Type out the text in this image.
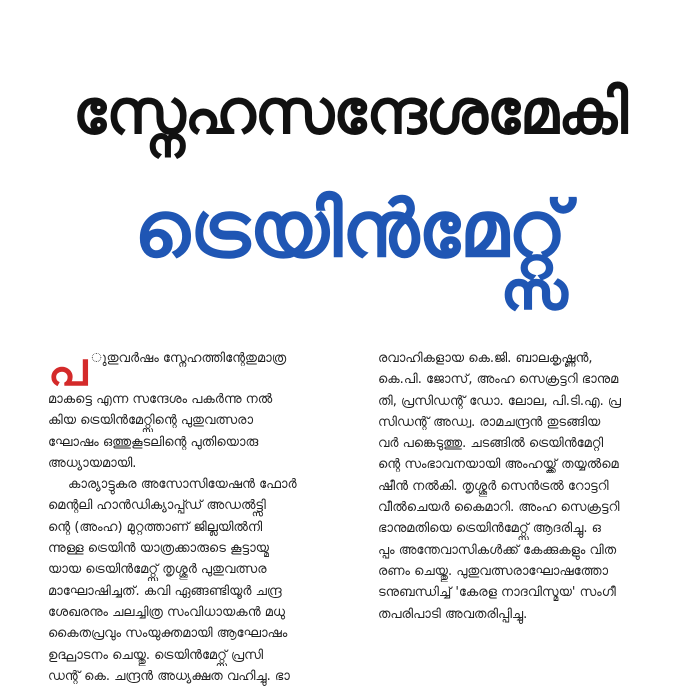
സ്നേഹസന്ദേശമേകി
ട്രെയിൻമേറ്റ്സ്

പ ുതുവർഷം സ്നേഹത്തിന്റേതുമാത്ര

മാകട്ടെ എന്ന സന്ദേശം പകർന്നു നൽ

കിയ ട്രെയിൻമേറ്റ്സിന്റെ പുതുവത്സരാ

ഘോഷം ഒത്തുകൂടലിന്റെ പുതിയൊരു

അധ്യായമായി.

കാര്യാട്ടുകര അസോസിയേഷൻ ഫോർ

മെന്റലി ഹാൻഡിക്യാപ്പ്ഡ് അഡൽട്ട്സി

ന്റെ (അംഹ) മുറ്റത്താണ് ജില്ലയിൽനി

ന്നുള്ള ട്രെയിൻ യാത്രക്കാരുടെ കൂട്ടായ്മ

യായ ട്രെയിൻമേറ്റ്സ് തൃശ്ശൂർ പുതുവത്സര

മാഘോഷിച്ചത്. കവി ഏങ്ങണ്ടിയൂർ ചന്ദ്ര

ശേഖരനും ചലച്ചിത്ര സംവിധായകൻ മധു

കൈതപ്രവും സംയുക്തമായി ആഘോഷം

ഉദ്ഘാടനം ചെയ്തു. ട്രെയിൻമേറ്റ്സ് പ്രസി

ഡന്റ് കെ. ചന്ദ്രൻ അധ്യക്ഷത വഹിച്ചു. ഭാ

രവാഹികളായ കെ.ജി. ബാലകൃഷ്ണൻ,

കെ.പി. ജോസ്, അംഹ സെക്രട്ടറി ഭാനുമ

തി, പ്രസിഡന്റ് ഡോ. ലോല, പി.ടി.എ. പ്ര

സിഡന്റ് അഡ്വ. രാമചന്ദ്രൻ തുടങ്ങിയ

വർ പങ്കെടുത്തു. ചടങ്ങിൽ ട്രെയിൻമേറ്റി

ന്റെ സംഭാവനയായി അംഹയ്ക്ക് തയ്യൽമെ

ഷീൻ നൽകി. തൃശ്ശൂർ സെൻട്രൽ റോട്ടറി

വീൽചെയർ കൈമാറി. അംഹ സെക്രട്ടറി

ഭാനുമതിയെ ട്രെയിൻമേറ്റ്സ് ആദരിച്ചു. ഒ

പ്പം അന്തേവാസികൾക്ക് കേക്കുകളും വിത

രണം ചെയ്തു. പുതുവത്സരാഘോഷത്തോ

ടനുബന്ധിച്ച് 'കേരള നാദവിസ്മയ' സംഗീ

തപരിപാടി അവതരിപ്പിച്ചു.
